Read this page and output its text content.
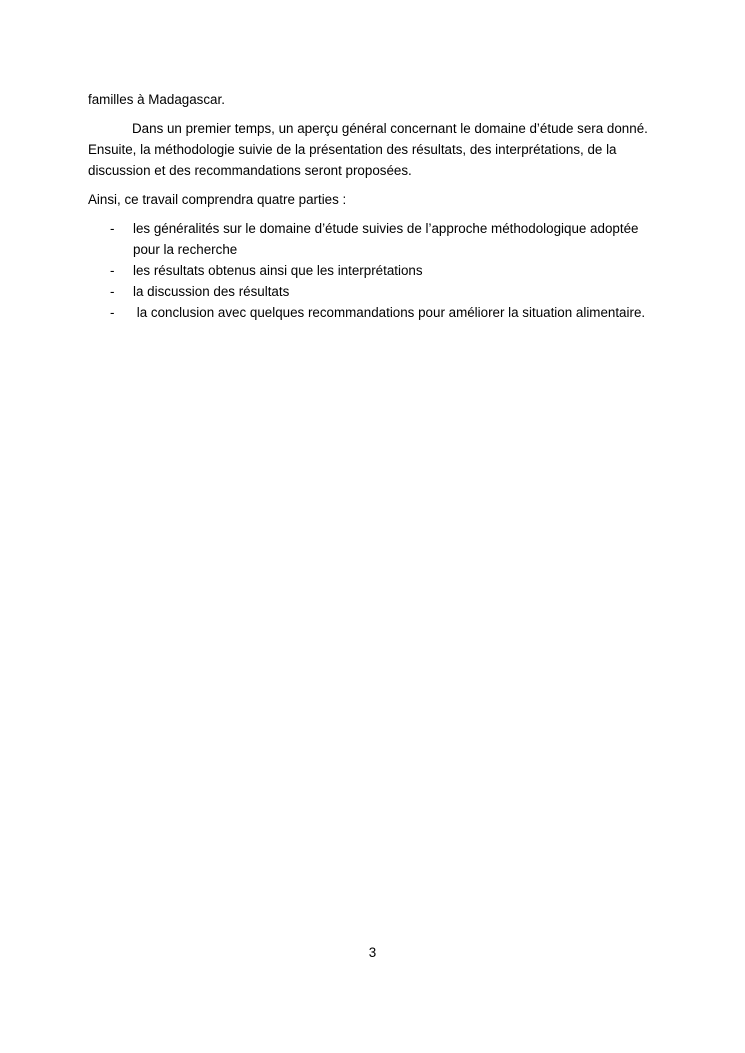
familles à Madagascar.

Dans un premier temps, un aperçu général concernant le domaine d’étude sera donné. Ensuite, la méthodologie suivie de la présentation des résultats, des interprétations, de la discussion et des recommandations seront proposées.

Ainsi, ce travail comprendra quatre parties :

- les généralités sur le domaine d’étude suivies de l’approche méthodologique adoptée pour la recherche
- les résultats obtenus ainsi que les interprétations
- la discussion des résultats
- la conclusion avec quelques recommandations pour améliorer la situation alimentaire.
3
